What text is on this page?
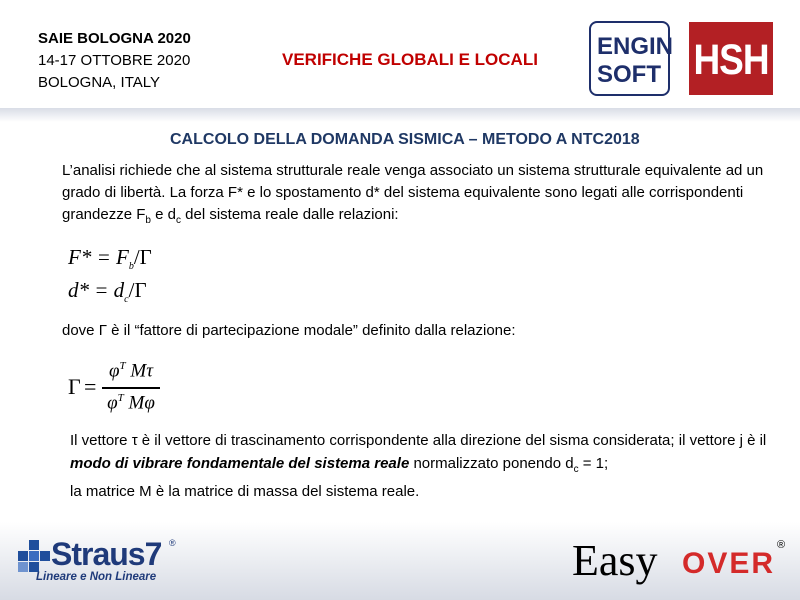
SAIE BOLOGNA 2020
14-17 OTTOBRE 2020
BOLOGNA, ITALY
VERIFICHE GLOBALI E LOCALI ENGIN
SOFT HSH
CALCOLO DELLA DOMANDA SISMICA – METODO A NTC2018
L’analisi richiede che al sistema strutturale reale venga associato un sistema strutturale equivalente ad un grado di libertà. La forza F* e lo spostamento d* del sistema equivalente sono legati alle corrispondenti grandezze $F_b$ e $d_c$ del sistema reale dalle relazioni:
$F* = F_b/\Gamma$
$d* = d_c/\Gamma$
dove Γ è il “fattore di partecipazione modale” definito dalla relazione:
Γ =
$\varphi^T$ Mτ
$\varphi^T$ Mφ
Il vettore τ è il vettore di trascinamento corrispondente alla direzione del sisma considerata; il vettore j è il modo di vibrare fondamentale del sistema reale normalizzato ponendo $d_c = 1$;
la matrice M è la matrice di massa del sistema reale.
Straus7 ®
Lineare e Non Lineare	Easy OVER
®
